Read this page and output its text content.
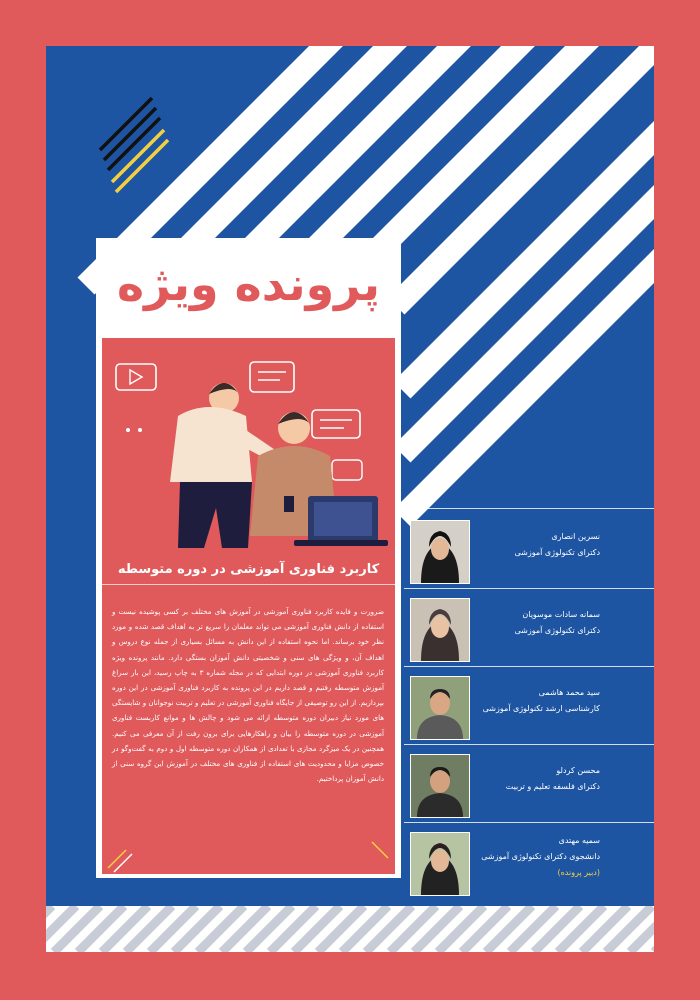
پرونده ویژه
کاربرد فناوری آموزشی در دوره متوسطه

ضرورت و فایده کاربرد فناوری آموزشی در آموزش های مختلف بر کسی پوشیده نیست و استفاده از دانش فناوری آموزشی می تواند معلمان را سریع تر به اهداف قصد شده و مورد نظر خود برساند. اما نحوه استفاده از این دانش به مسائل بسیاری از جمله نوع دروس و اهداف آن، و ویژگی های سنی و شخصیتی دانش آموزان بستگی دارد. مانند پرونده ویژه کاربرد فناوری آموزشی در دوره ابتدایی که در مجله شماره ۳ به چاپ رسید، این بار سراغ آموزش متوسطه رفتیم و قصد داریم در این پرونده به کاربرد فناوری آموزشی در این دوره بپردازیم. از این رو توصیفی از جایگاه فناوری آموزشی در تعلیم و تربیت نوجوانان و شایستگی های مورد نیاز دبیران دوره متوسطه ارائه می شود و چالش ها و موانع کاربست فناوری آموزشی در دوره متوسطه را بیان و راهکارهایی برای برون رفت از آن معرفی می کنیم. همچنین در یک میزگرد مجازی با تعدادی از همکاران دوره متوسطه اول و دوم به گفت‌وگو در خصوص مزایا و محدودیت های استفاده از فناوری های مختلف در آموزش این گروه سنی از دانش آموزان پرداختیم.

نسرین انصاری
دکترای تکنولوژی آموزشی
سمانه سادات موسویان
دکترای تکنولوژی آموزشی
سید محمد هاشمی
کارشناسی ارشد تکنولوژی آموزشی
محسن کردلو
دکترای فلسفه تعلیم و تربیت
سمیه مهتدی
دانشجوی دکترای تکنولوژی آموزشی
(دبیر پرونده)
